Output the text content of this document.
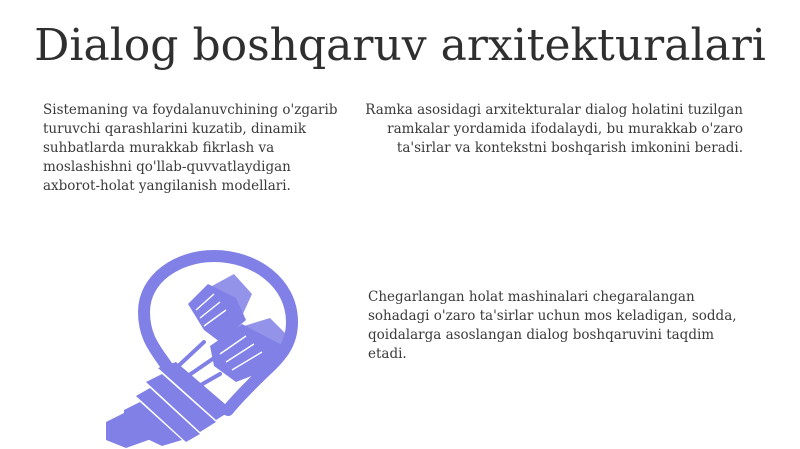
Dialog boshqaruv arxitekturalari
Sistemaning va foydalanuvchining o'zgarib turuvchi qarashlarini kuzatib, dinamik suhbatlarda murakkab fikrlash va moslashishni qo'llab-quvvatlaydigan axborot-holat yangilanish modellari.
Ramka asosidagi arxitekturalar dialog holatini tuzilgan ramkalar yordamida ifodalaydi, bu murakkab o'zaro ta'sirlar va kontekstni boshqarish imkonini beradi.
Chegarlangan holat mashinalari chegaralangan sohadagi o'zaro ta'sirlar uchun mos keladigan, sodda, qoidalarga asoslangan dialog boshqaruvini taqdim etadi.
